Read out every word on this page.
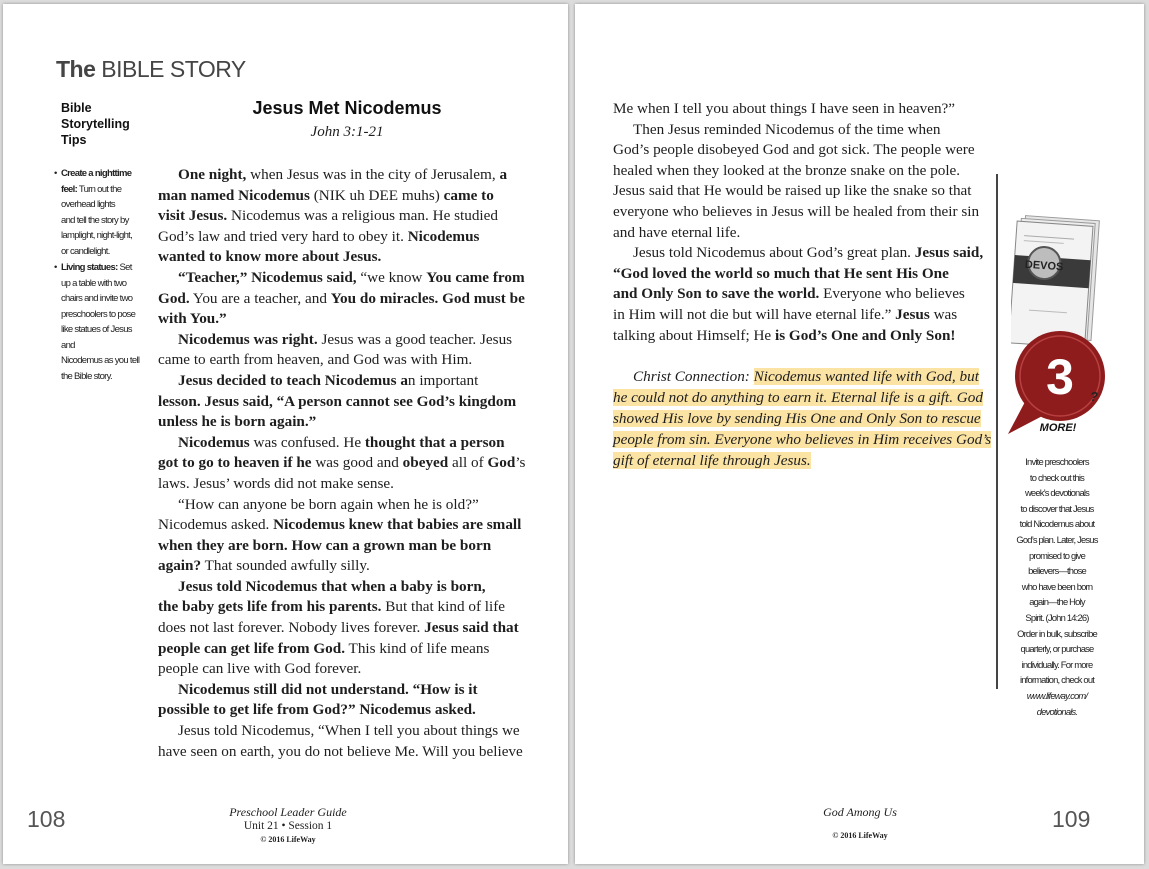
The BIBLE STORY
Bible
Storytelling
Tips
• Create a nighttime
feel: Turn out the
overhead lights
and tell the story by
lamplight, night-light,
or candlelight.
• Living statues: Set
up a table with two
chairs and invite two
preschoolers to pose
like statues of Jesus and
Nicodemus as you tell
the Bible story.
Jesus Met Nicodemus
John 3:1-21

One night, when Jesus was in the city of Jerusalem, a

man named Nicodemus (NIK uh DEE muhs) came to

visit Jesus. Nicodemus was a religious man. He studied

God’s law and tried very hard to obey it. Nicodemus

wanted to know more about Jesus.

“Teacher,” Nicodemus said, “we know You came from

God. You are a teacher, and You do miracles. God must be

with You.”

Nicodemus was right. Jesus was a good teacher. Jesus

came to earth from heaven, and God was with Him.

Jesus decided to teach Nicodemus an important

lesson. Jesus said, “A person cannot see God’s kingdom

unless he is born again.”

Nicodemus was confused. He thought that a person

got to go to heaven if he was good and obeyed all of God’s

laws. Jesus’ words did not make sense.

“How can anyone be born again when he is old?”

Nicodemus asked. Nicodemus knew that babies are small

when they are born. How can a grown man be born

again? That sounded awfully silly.

Jesus told Nicodemus that when a baby is born,

the baby gets life from his parents. But that kind of life

does not last forever. Nobody lives forever. Jesus said that

people can get life from God. This kind of life means

people can live with God forever.

Nicodemus still did not understand. “How is it

possible to get life from God?” Nicodemus asked.

Jesus told Nicodemus, “When I tell you about things we

have seen on earth, you do not believe Me. Will you believe

108	Preschool Leader Guide
Unit 21 • Session 1
© 2016 LifeWay

Me when I tell you about things I have seen in heaven?”

Then Jesus reminded Nicodemus of the time when

God’s people disobeyed God and got sick. The people were

healed when they looked at the bronze snake on the pole.

Jesus said that He would be raised up like the snake so that

everyone who believes in Jesus will be healed from their sin

and have eternal life.

Jesus told Nicodemus about God’s great plan. Jesus said,

“God loved the world so much that He sent His One

and Only Son to save the world. Everyone who believes

in Him will not die but will have eternal life.” Jesus was

talking about Himself; He is God’s One and Only Son!

Christ Connection: Nicodemus wanted life with God, but

he could not do anything to earn it. Eternal life is a gift. God

showed His love by sending His One and Only Son to rescue

people from sin. Everyone who believes in Him receives God’s

gift of eternal life through Jesus.

DEVOS
3 ?
MORE!

Invite preschoolers

to check out this

week’s devotionals

to discover that Jesus

told Nicodemus about

God’s plan. Later, Jesus

promised to give

believers—those

who have been born

again—the Holy

Spirit. (John 14:26)

Order in bulk, subscribe

quarterly, or purchase

individually. For more

information, check out

www.lifeway.com/

devotionals.

109
God Among Us
© 2016 LifeWay
